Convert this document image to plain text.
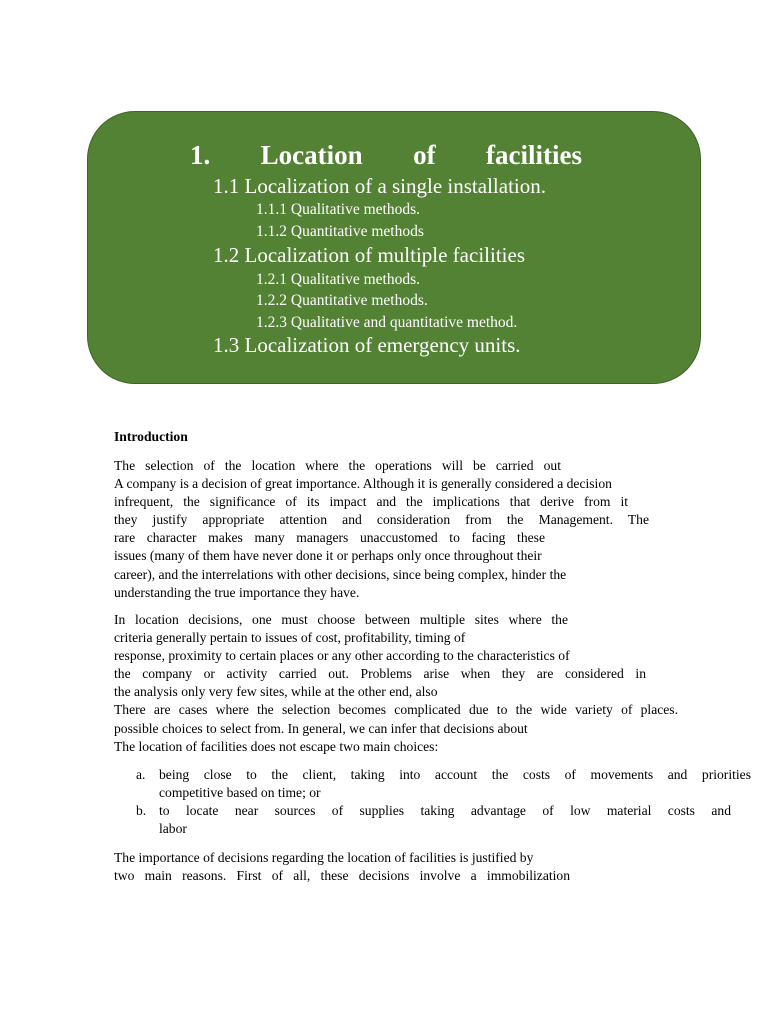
1. Location of facilities
1.1 Localization of a single installation.
1.1.1 Qualitative methods.
1.1.2 Quantitative methods
1.2 Localization of multiple facilities
1.2.1 Qualitative methods.
1.2.2 Quantitative methods.
1.2.3 Qualitative and quantitative method.
1.3 Localization of emergency units.
Introduction
The selection of the location where the operations will be carried out
A company is a decision of great importance. Although it is generally considered a decision
infrequent, the significance of its impact and the implications that derive from it
they justify appropriate attention and consideration from the Management. The
rare character makes many managers unaccustomed to facing these
issues (many of them have never done it or perhaps only once throughout their
career), and the interrelations with other decisions, since being complex, hinder the
understanding the true importance they have.
In location decisions, one must choose between multiple sites where the
criteria generally pertain to issues of cost, profitability, timing of
response, proximity to certain places or any other according to the characteristics of
the company or activity carried out. Problems arise when they are considered in
the analysis only very few sites, while at the other end, also
There are cases where the selection becomes complicated due to the wide variety of places.
possible choices to select from. In general, we can infer that decisions about
The location of facilities does not escape two main choices:
a. being close to the client, taking into account the costs of movements and priorities
competitive based on time; or
b. to locate near sources of supplies taking advantage of low material costs and
labor
The importance of decisions regarding the location of facilities is justified by
two main reasons. First of all, these decisions involve a immobilization
